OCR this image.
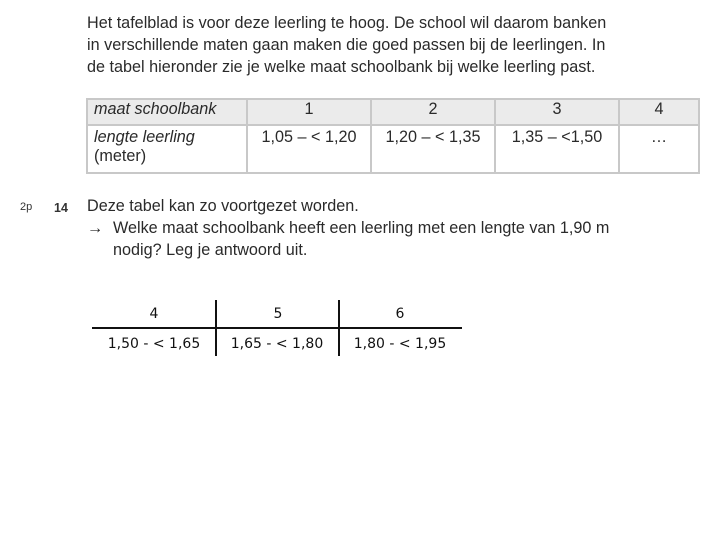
Het tafelblad is voor deze leerling te hoog. De school wil daarom banken
in verschillende maten gaan maken die goed passen bij de leerlingen. In
de tabel hieronder zie je welke maat schoolbank bij welke leerling past.
maat schoolbank	1	2	3	4
lengte leerling
(meter)	1,05 – < 1,20	1,20 – < 1,35	1,35 – <1,50	…
2p 14 Deze tabel kan zo voortgezet worden.
→ Welke maat schoolbank heeft een leerling met een lengte van 1,90 m
nodig? Leg je antwoord uit.
4	5	6
1,50 - < 1,65	1,65 - < 1,80	1,80 - < 1,95
